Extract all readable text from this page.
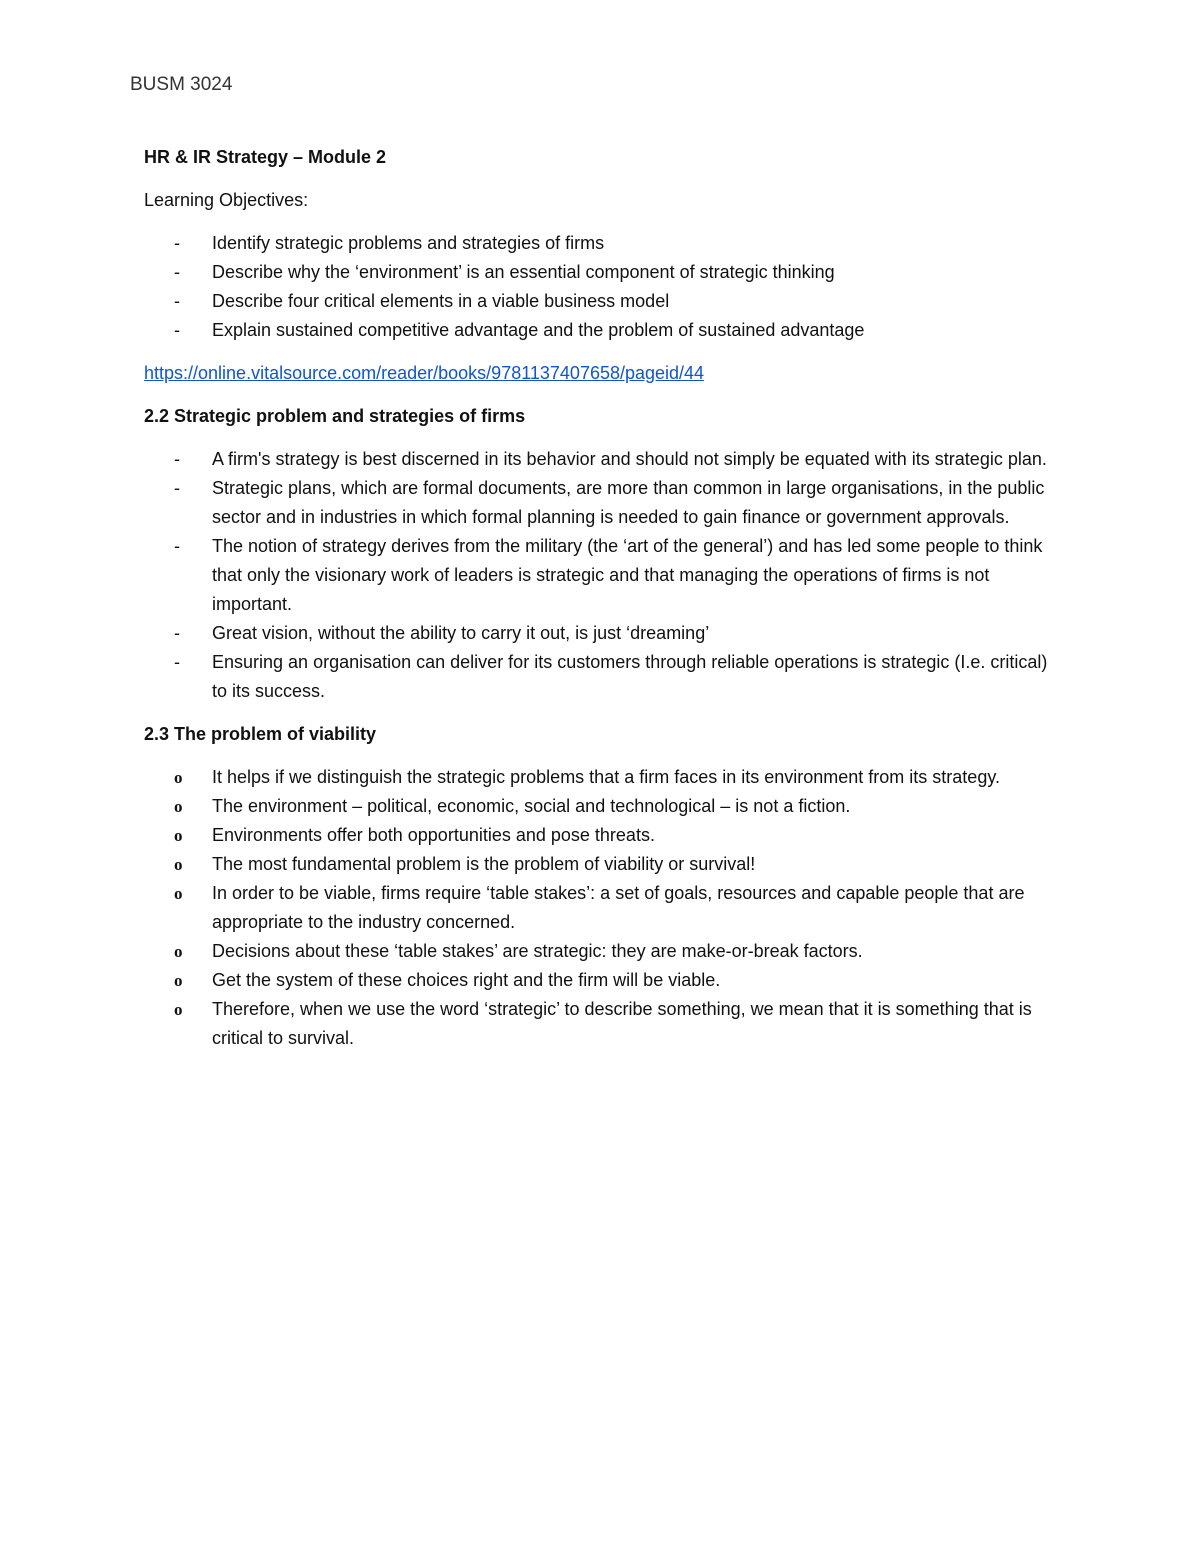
BUSM 3024
HR & IR Strategy – Module 2
Learning Objectives:
-	Identify strategic problems and strategies of firms
-	Describe why the ‘environment’ is an essential component of strategic thinking
-	Describe four critical elements in a viable business model
-	Explain sustained competitive advantage and the problem of sustained advantage
https://online.vitalsource.com/reader/books/9781137407658/pageid/44
2.2 Strategic problem and strategies of firms
-	A firm's strategy is best discerned in its behavior and should not simply be equated with its strategic plan.
-	Strategic plans, which are formal documents, are more than common in large organisations, in the public sector and in industries in which formal planning is needed to gain finance or government approvals.
-	The notion of strategy derives from the military (the ‘art of the general’) and has led some people to think that only the visionary work of leaders is strategic and that managing the operations of firms is not important.
-	Great vision, without the ability to carry it out, is just ‘dreaming’
-	Ensuring an organisation can deliver for its customers through reliable operations is strategic (I.e. critical) to its success.
2.3 The problem of viability
o	It helps if we distinguish the strategic problems that a firm faces in its environment from its strategy.
o	The environment – political, economic, social and technological – is not a fiction.
o	Environments offer both opportunities and pose threats.
o	The most fundamental problem is the problem of viability or survival!
o	In order to be viable, firms require ‘table stakes’: a set of goals, resources and capable people that are appropriate to the industry concerned.
o	Decisions about these ‘table stakes’ are strategic: they are make-or-break factors.
o	Get the system of these choices right and the firm will be viable.
o	Therefore, when we use the word ‘strategic’ to describe something, we mean that it is something that is critical to survival.
